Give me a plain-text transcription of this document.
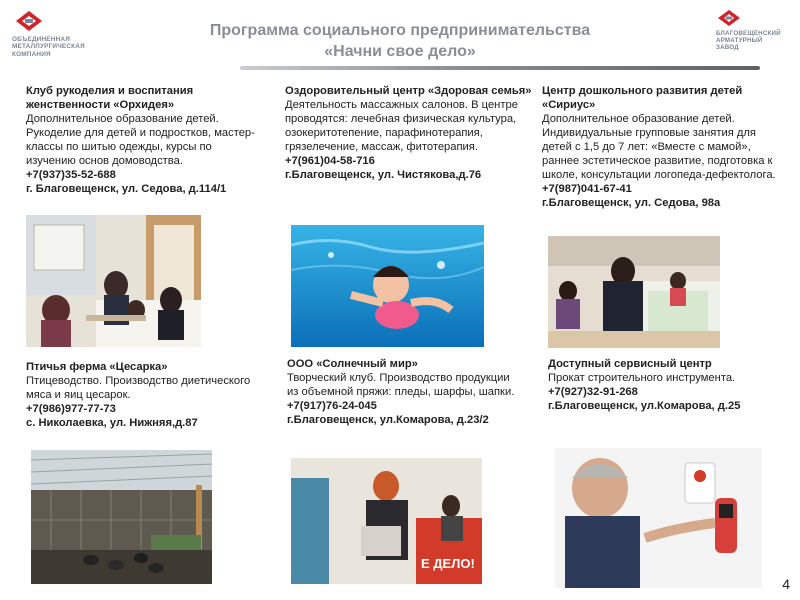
ОБЪЕДИНЕННАЯ
МЕТАЛЛУРГИЧЕСКАЯ
КОМПАНИЯ
Программа социального предпринимательства
«Начни свое дело»
БЛАГОВЕЩЕНСКИЙ
АРМАТУРНЫЙ
ЗАВОД
Клуб рукоделия и воспитания женственности «Орхидея»
Дополнительное образование детей. Рукоделие для детей и подростков, мастер-классы по шитью одежды, курсы по изучению основ домоводства.
+7(937)35-52-688
г. Благовещенск, ул. Седова, д.114/1
Оздоровительный центр «Здоровая семья»
Деятельность массажных салонов. В центре проводятся: лечебная физическая культура, озокеритотепение, парафинотерапия, грязелечение, массаж, фитотерапия.
+7(961)04-58-716
г.Благовещенск, ул. Чистякова,д.76
Центр дошкольного развития детей «Сириус»
Дополнительное образование детей. Индивидуальные групповые занятия для детей с 1,5 до 7 лет: «Вместе с мамой», раннее эстетическое развитие, подготовка к школе, консультации логопеда-дефектолога.
+7(987)041-67-41
г.Благовещенск, ул. Седова, 98а
Птичья ферма «Цесарка»
Птицеводство. Производство диетического мяса и яиц цесарок.
+7(986)977-77-73
с. Николаевка, ул. Нижняя,д.87
ООО «Солнечный мир»
Творческий клуб. Производство продукции из объемной пряжи: пледы, шарфы, шапки.
+7(917)76-24-045
г.Благовещенск, ул.Комарова, д.23/2
Доступный сервисный центр
Прокат строительного инструмента.
+7(927)32-91-268
г.Благовещенск, ул.Комарова, д.25
Е ДЕЛО!
4
